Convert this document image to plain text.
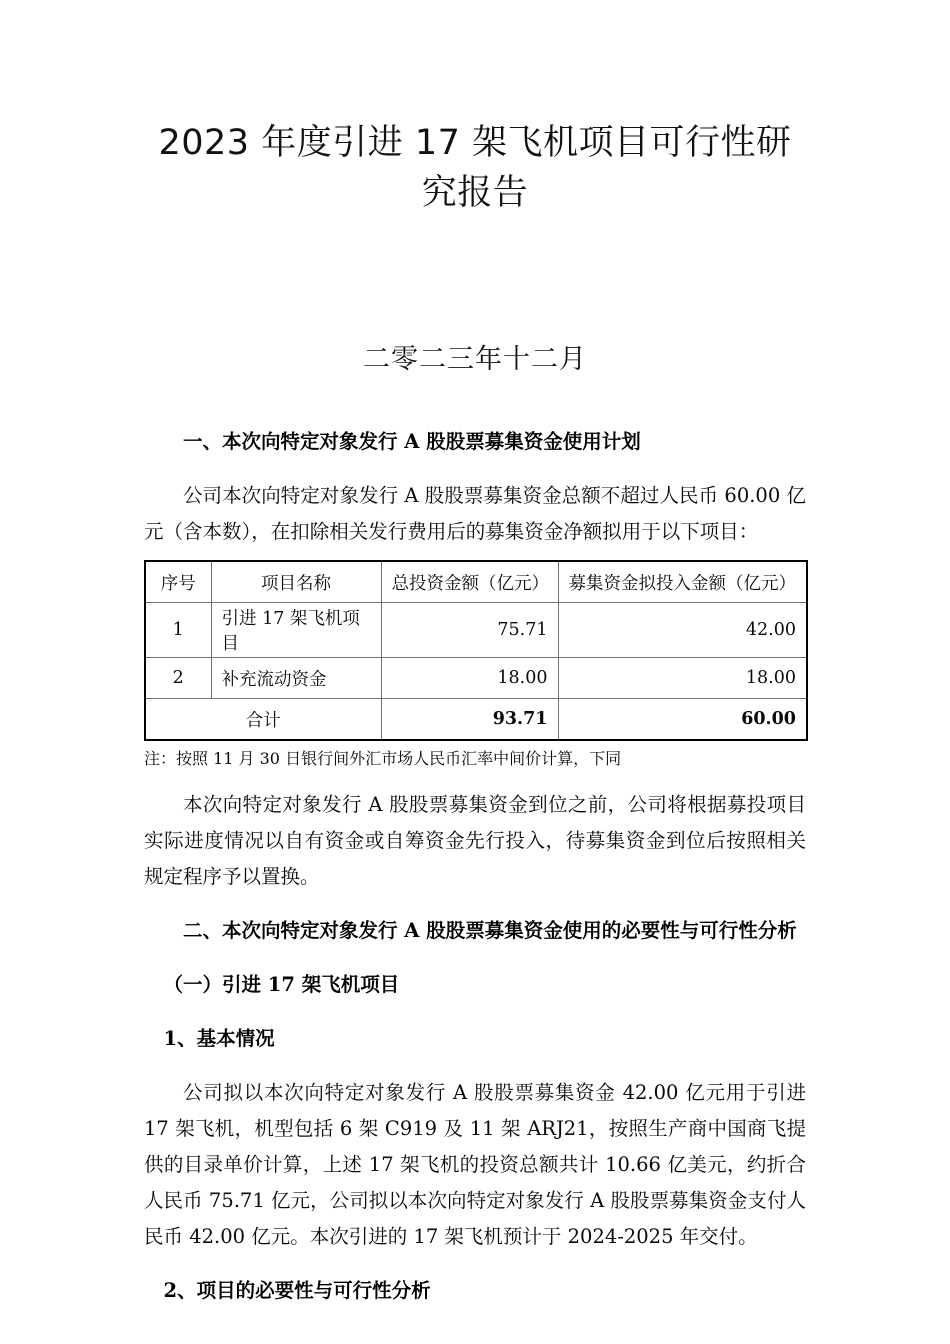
2023 年度引进 17 架飞机项目可行性研究报告
二零二三年十二月

一、本次向特定对象发行 A 股股票募集资金使用计划

公司本次向特定对象发行 A 股股票募集资金总额不超过人民币 60.00 亿元（含本数），在扣除相关发行费用后的募集资金净额拟用于以下项目：

序号	项目名称	总投资金额（亿元）	募集资金拟投入金额（亿元）
1	引进 17 架飞机项目	75.71	42.00
2	补充流动资金	18.00	18.00
合计		93.71	60.00

注：按照 11 月 30 日银行间外汇市场人民币汇率中间价计算，下同

本次向特定对象发行 A 股股票募集资金到位之前，公司将根据募投项目实际进度情况以自有资金或自筹资金先行投入，待募集资金到位后按照相关规定程序予以置换。

二、本次向特定对象发行 A 股股票募集资金使用的必要性与可行性分析

（一）引进 17 架飞机项目

1、基本情况

公司拟以本次向特定对象发行 A 股股票募集资金 42.00 亿元用于引进 17 架飞机，机型包括 6 架 C919 及 11 架 ARJ21，按照生产商中国商飞提供的目录单价计算，上述 17 架飞机的投资总额共计 10.66 亿美元，约折合人民币 75.71 亿元，公司拟以本次向特定对象发行 A 股股票募集资金支付人民币 42.00 亿元。本次引进的 17 架飞机预计于 2024-2025 年交付。

2、项目的必要性与可行性分析
